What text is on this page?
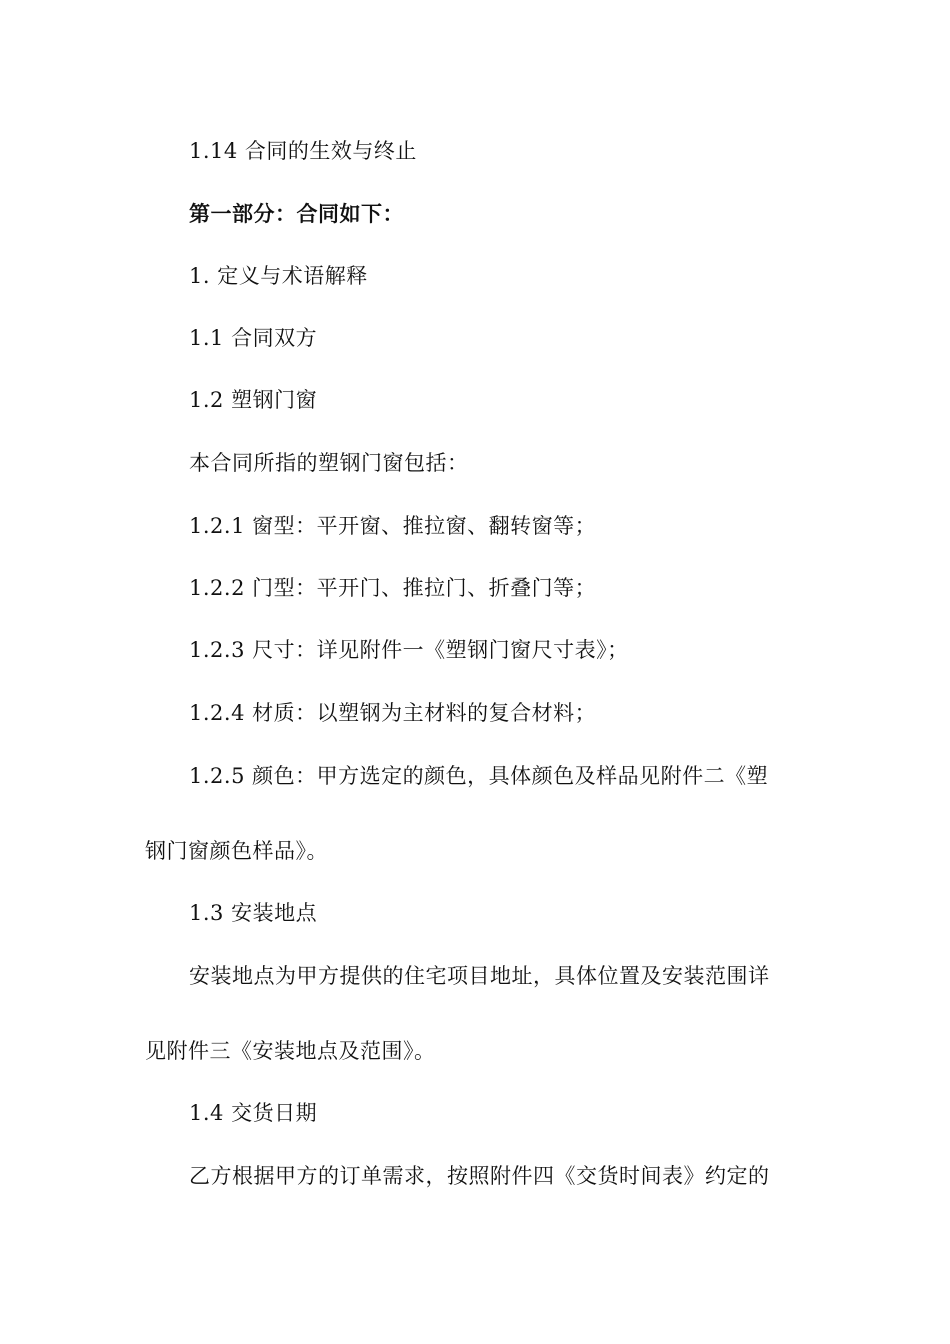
1.14 合同的生效与终止
第一部分：合同如下：
1. 定义与术语解释
1.1 合同双方
1.2 塑钢门窗
本合同所指的塑钢门窗包括：
1.2.1 窗型：平开窗、推拉窗、翻转窗等；
1.2.2 门型：平开门、推拉门、折叠门等；
1.2.3 尺寸：详见附件一《塑钢门窗尺寸表》；
1.2.4 材质：以塑钢为主材料的复合材料；
1.2.5 颜色：甲方选定的颜色，具体颜色及样品见附件二《塑
钢门窗颜色样品》。
1.3 安装地点
安装地点为甲方提供的住宅项目地址，具体位置及安装范围详
见附件三《安装地点及范围》。
1.4 交货日期
乙方根据甲方的订单需求，按照附件四《交货时间表》约定的
